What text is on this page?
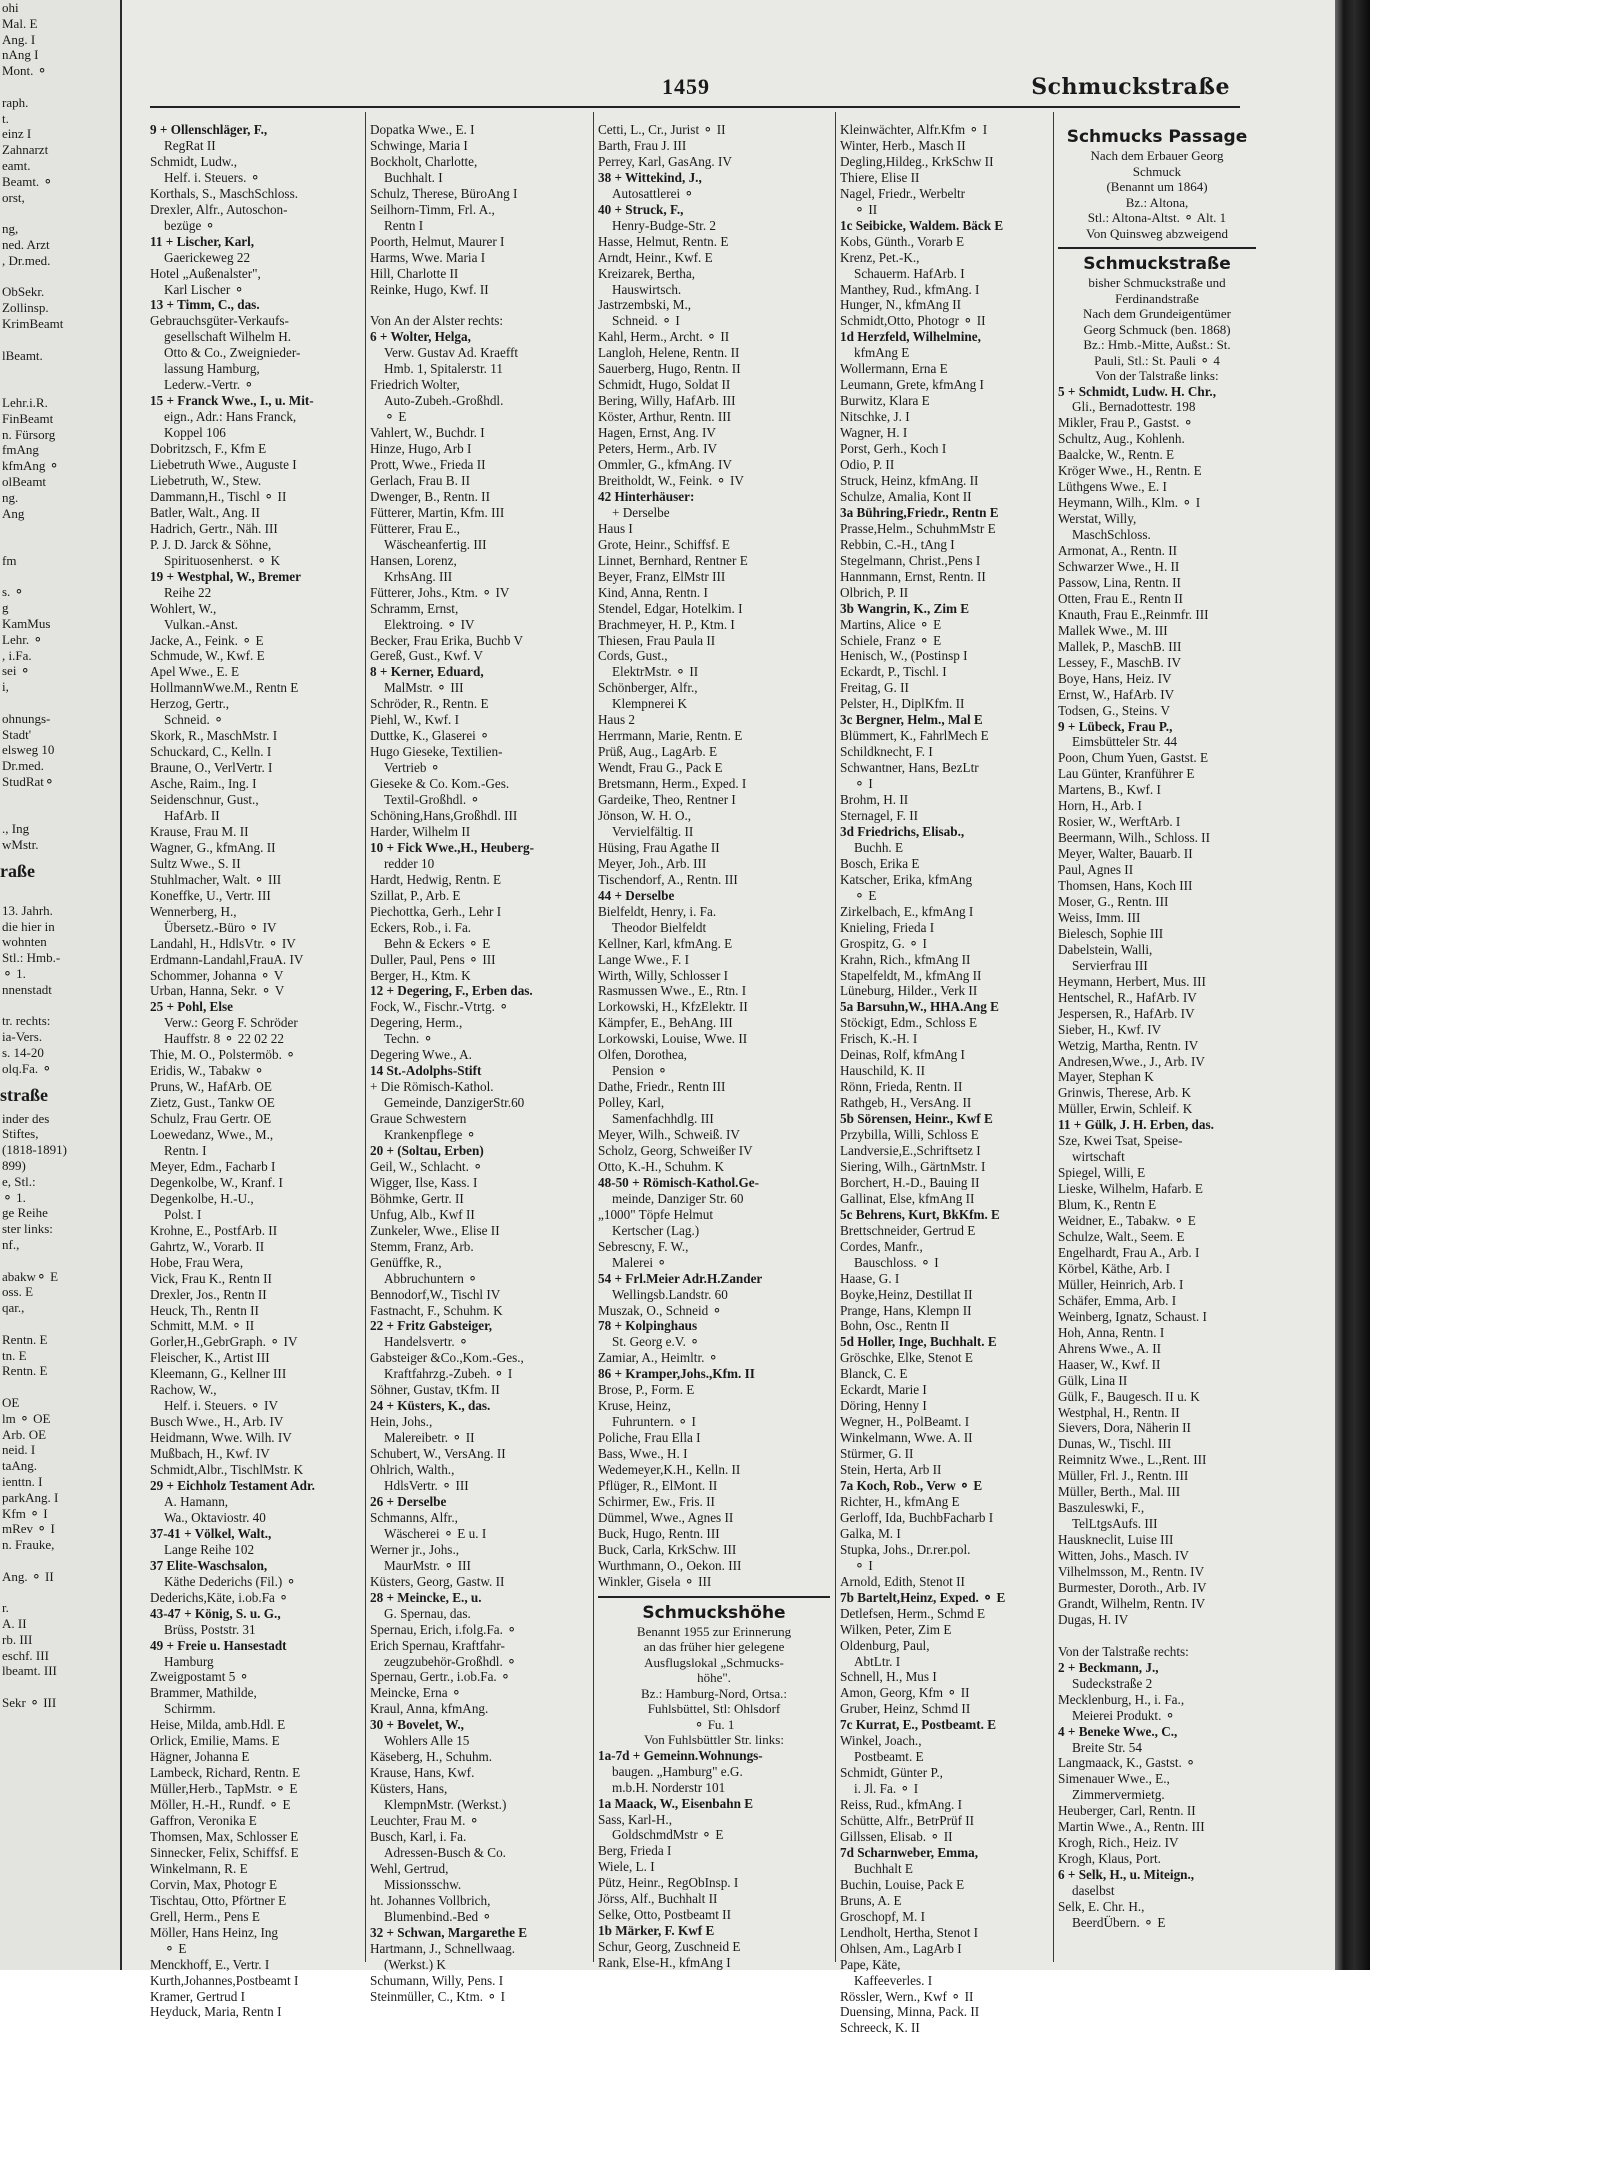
ohi
Mal. E
Ang. I
nAng I
Mont. ⚬

raph.
t.
einz I
Zahnarzt
eamt.
Beamt. ⚬
orst,

ng,
ned. Arzt
, Dr.med.

ObSekr.
Zollinsp.
KrimBeamt

lBeamt.

Lehr.i.R.
FinBeamt
n. Fürsorg
fmAng
kfmAng ⚬
olBeamt
ng.
Ang

fm

s. ⚬
g
KamMus
Lehr. ⚬
, i.Fa.
sei ⚬
i,

ohnungs-
Stadt'
elsweg 10
Dr.med.
StudRat⚬

., Ing
wMstr.
raße

13. Jahrh.
die hier in
wohnten
Stl.: Hmb.-
⚬ 1.
nnenstadt

tr. rechts:
ia-Vers.
s. 14-20
olq.Fa. ⚬
straße
inder des
Stiftes,
(1818-1891)
899)
e, Stl.:
⚬ 1.
ge Reihe
ster links:
nf.,

abakw⚬ E
oss. E
qar.,

Rentn. E
tn. E
Rentn. E

OE
lm ⚬ OE
Arb. OE
neid. I
taAng.
ienttn. I
parkAng. I
Kfm ⚬ I
mRev ⚬ I
n. Frauke,

Ang. ⚬ II

r.
A. II
rb. III
eschf. III
lbeamt. III

Sekr ⚬ III
1459	Schmuckstraße
9 + Ollenschläger, F.,
RegRat II
Schmidt, Ludw.,
Helf. i. Steuers. ⚬
Korthals, S., MaschSchloss.
Drexler, Alfr., Autoschon-
bezüge ⚬
11 + Lischer, Karl,
Gaerickeweg 22
Hotel „Außenalster",
Karl Lischer ⚬
13 + Timm, C., das.
Gebrauchsgüter-Verkaufs-
gesellschaft Wilhelm H.
Otto & Co., Zweignieder-
lassung Hamburg,
Lederw.-Vertr. ⚬
15 + Franck Wwe., I., u. Mit-
eign., Adr.: Hans Franck,
Koppel 106
Dobritzsch, F., Kfm E
Liebetruth Wwe., Auguste I
Liebetruth, W., Stew.
Dammann,H., Tischl ⚬ II
Batler, Walt., Ang. II
Hadrich, Gertr., Näh. III
P. J. D. Jarck & Söhne,
Spirituosenherst. ⚬ K
19 + Westphal, W., Bremer
Reihe 22
Wohlert, W.,
Vulkan.-Anst.
Jacke, A., Feink. ⚬ E
Schmude, W., Kwf. E
Apel Wwe., E. E
HollmannWwe.M., Rentn E
Herzog, Gertr.,
Schneid. ⚬
Skork, R., MaschMstr. I
Schuckard, C., Kelln. I
Braune, O., VerlVertr. I
Asche, Raim., Ing. I
Seidenschnur, Gust.,
HafArb. II
Krause, Frau M. II
Wagner, G., kfmAng. II
Sultz Wwe., S. II
Stuhlmacher, Walt. ⚬ III
Koneffke, U., Vertr. III
Wennerberg, H.,
Übersetz.-Büro ⚬ IV
Landahl, H., HdlsVtr. ⚬ IV
Erdmann-Landahl,FrauA. IV
Schommer, Johanna ⚬ V
Urban, Hanna, Sekr. ⚬ V
25 + Pohl, Else
Verw.: Georg F. Schröder
Hauffstr. 8 ⚬ 22 02 22
Thie, M. O., Polstermöb. ⚬
Eridis, W., Tabakw ⚬
Pruns, W., HafArb. OE
Zietz, Gust., Tankw OE
Schulz, Frau Gertr. OE
Loewedanz, Wwe., M.,
Rentn. I
Meyer, Edm., Facharb I
Degenkolbe, W., Kranf. I
Degenkolbe, H.-U.,
Polst. I
Krohne, E., PostfArb. II
Gahrtz, W., Vorarb. II
Hobe, Frau Wera,
Vick, Frau K., Rentn II
Drexler, Jos., Rentn II
Heuck, Th., Rentn II
Schmitt, M.M. ⚬ II
Gorler,H.,GebrGraph. ⚬ IV
Fleischer, K., Artist III
Kleemann, G., Kellner III
Rachow, W.,
Helf. i. Steuers. ⚬ IV
Busch Wwe., H., Arb. IV
Heidmann, Wwe. Wilh. IV
Mußbach, H., Kwf. IV
Schmidt,Albr., TischlMstr. K
29 + Eichholz Testament Adr.
A. Hamann,
Wa., Oktaviostr. 40
37-41 + Völkel, Walt.,
Lange Reihe 102
37 Elite-Waschsalon,
Käthe Dederichs (Fil.) ⚬
Dederichs,Käte, i.ob.Fa ⚬
43-47 + König, S. u. G.,
Brüss, Poststr. 31
49 + Freie u. Hansestadt
Hamburg
Zweigpostamt 5 ⚬
Brammer, Mathilde,
Schirmm.
Heise, Milda, amb.Hdl. E
Orlick, Emilie, Mams. E
Hägner, Johanna E
Lambeck, Richard, Rentn. E
Müller,Herb., TapMstr. ⚬ E
Möller, H.-H., Rundf. ⚬ E
Gaffron, Veronika E
Thomsen, Max, Schlosser E
Sinnecker, Felix, Schiffsf. E
Winkelmann, R. E
Corvin, Max, Photogr E
Tischtau, Otto, Pförtner E
Grell, Herm., Pens E
Möller, Hans Heinz, Ing
⚬ E
Menckhoff, E., Vertr. I
Kurth,Johannes,Postbeamt I
Kramer, Gertrud I
Heyduck, Maria, Rentn I
Dopatka Wwe., E. I
Schwinge, Maria I
Bockholt, Charlotte,
Buchhalt. I
Schulz, Therese, BüroAng I
Seilhorn-Timm, Frl. A.,
Rentn I
Poorth, Helmut, Maurer I
Harms, Wwe. Maria I
Hill, Charlotte II
Reinke, Hugo, Kwf. II

Von An der Alster rechts:
6 + Wolter, Helga,
Verw. Gustav Ad. Kraefft
Hmb. 1, Spitalerstr. 11
Friedrich Wolter,
Auto-Zubeh.-Großhdl.
⚬ E
Vahlert, W., Buchdr. I
Hinze, Hugo, Arb I
Prott, Wwe., Frieda II
Gerlach, Frau B. II
Dwenger, B., Rentn. II
Fütterer, Martin, Kfm. III
Fütterer, Frau E.,
Wäscheanfertig. III
Hansen, Lorenz,
KrhsAng. III
Fütterer, Johs., Ktm. ⚬ IV
Schramm, Ernst,
Elektroing. ⚬ IV
Becker, Frau Erika, Buchb V
Gereß, Gust., Kwf. V
8 + Kerner, Eduard,
MalMstr. ⚬ III
Schröder, R., Rentn. E
Piehl, W., Kwf. I
Duttke, K., Glaserei ⚬
Hugo Gieseke, Textilien-
Vertrieb ⚬
Gieseke & Co. Kom.-Ges.
Textil-Großhdl. ⚬
Schöning,Hans,Großhdl. III
Harder, Wilhelm II
10 + Fick Wwe.,H., Heuberg-
redder 10
Hardt, Hedwig, Rentn. E
Szillat, P., Arb. E
Piechottka, Gerh., Lehr I
Eckers, Rob., i. Fa.
Behn & Eckers ⚬ E
Duller, Paul, Pens ⚬ III
Berger, H., Ktm. K
12 + Degering, F., Erben das.
Fock, W., Fischr.-Vtrtg. ⚬
Degering, Herm.,
Techn. ⚬
Degering Wwe., A.
14 St.-Adolphs-Stift
+ Die Römisch-Kathol.
Gemeinde, DanzigerStr.60
Graue Schwestern
Krankenpflege ⚬
20 + (Soltau, Erben)
Geil, W., Schlacht. ⚬
Wigger, Ilse, Kass. I
Böhmke, Gertr. II
Unfug, Alb., Kwf II
Zunkeler, Wwe., Elise II
Stemm, Franz, Arb.
Genüffke, R.,
Abbruchuntern ⚬
Bennodorf,W., Tischl IV
Fastnacht, F., Schuhm. K
22 + Fritz Gabsteiger,
Handelsvertr. ⚬
Gabsteiger &Co.,Kom.-Ges.,
Kraftfahrzg.-Zubeh. ⚬ I
Söhner, Gustav, tKfm. II
24 + Küsters, K., das.
Hein, Johs.,
Malereibetr. ⚬ II
Schubert, W., VersAng. II
Ohlrich, Walth.,
HdlsVertr. ⚬ III
26 + Derselbe
Schmanns, Alfr.,
Wäscherei ⚬ E u. I
Werner jr., Johs.,
MaurMstr. ⚬ III
Küsters, Georg, Gastw. II
28 + Meincke, E., u.
G. Spernau, das.
Spernau, Erich, i.folg.Fa. ⚬
Erich Spernau, Kraftfahr-
zeugzubehör-Großhdl. ⚬
Spernau, Gertr., i.ob.Fa. ⚬
Meincke, Erna ⚬
Kraul, Anna, kfmAng.
30 + Bovelet, W.,
Wohlers Alle 15
Käseberg, H., Schuhm.
Krause, Hans, Kwf.
Küsters, Hans,
KlempnMstr. (Werkst.)
Leuchter, Frau M. ⚬
Busch, Karl, i. Fa.
Adressen-Busch & Co.
Wehl, Gertrud,
Missionsschw.
ht. Johannes Vollbrich,
Blumenbind.-Bed ⚬
32 + Schwan, Margarethe E
Hartmann, J., Schnellwaag.
(Werkst.) K
Schumann, Willy, Pens. I
Steinmüller, C., Ktm. ⚬ I
Cetti, L., Cr., Jurist ⚬ II
Barth, Frau J. III
Perrey, Karl, GasAng. IV
38 + Wittekind, J.,
Autosattlerei ⚬
40 + Struck, F.,
Henry-Budge-Str. 2
Hasse, Helmut, Rentn. E
Arndt, Heinr., Kwf. E
Kreizarek, Bertha,
Hauswirtsch.
Jastrzembski, M.,
Schneid. ⚬ I
Kahl, Herm., Archt. ⚬ II
Langloh, Helene, Rentn. II
Sauerberg, Hugo, Rentn. II
Schmidt, Hugo, Soldat II
Bering, Willy, HafArb. III
Köster, Arthur, Rentn. III
Hagen, Ernst, Ang. IV
Peters, Herm., Arb. IV
Ommler, G., kfmAng. IV
Breitholdt, W., Feink. ⚬ IV
42 Hinterhäuser:
+ Derselbe
Haus I
Grote, Heinr., Schiffsf. E
Linnet, Bernhard, Rentner E
Beyer, Franz, ElMstr III
Kind, Anna, Rentn. I
Stendel, Edgar, Hotelkim. I
Brachmeyer, H. P., Ktm. I
Thiesen, Frau Paula II
Cords, Gust.,
ElektrMstr. ⚬ II
Schönberger, Alfr.,
Klempnerei K
Haus 2
Herrmann, Marie, Rentn. E
Prüß, Aug., LagArb. E
Wendt, Frau G., Pack E
Bretsmann, Herm., Exped. I
Gardeike, Theo, Rentner I
Jönson, W. H. O.,
Vervielfältig. II
Hüsing, Frau Agathe II
Meyer, Joh., Arb. III
Tischendorf, A., Rentn. III
44 + Derselbe
Bielfeldt, Henry, i. Fa.
Theodor Bielfeldt
Kellner, Karl, kfmAng. E
Lange Wwe., F. I
Wirth, Willy, Schlosser I
Rasmussen Wwe., E., Rtn. I
Lorkowski, H., KfzElektr. II
Kämpfer, E., BehAng. III
Lorkowski, Louise, Wwe. II
Olfen, Dorothea,
Pension ⚬
Dathe, Friedr., Rentn III
Polley, Karl,
Samenfachhdlg. III
Meyer, Wilh., Schweiß. IV
Scholz, Georg, Schweißer IV
Otto, K.-H., Schuhm. K
48-50 + Römisch-Kathol.Ge-
meinde, Danziger Str. 60
„1000" Töpfe Helmut
Kertscher (Lag.)
Sebrescny, F. W.,
Malerei ⚬
54 + Frl.Meier Adr.H.Zander
Wellingsb.Landstr. 60
Muszak, O., Schneid ⚬
78 + Kolpinghaus
St. Georg e.V. ⚬
Zamiar, A., Heimltr. ⚬
86 + Kramper,Johs.,Kfm. II
Brose, P., Form. E
Kruse, Heinz,
Fuhruntern. ⚬ I
Poliche, Frau Ella I
Bass, Wwe., H. I
Wedemeyer,K.H., Kelln. II
Pflüger, R., ElMont. II
Schirmer, Ew., Fris. II
Dümmel, Wwe., Agnes II
Buck, Hugo, Rentn. III
Buck, Carla, KrkSchw. III
Wurthmann, O., Oekon. III
Winkler, Gisela ⚬ III
Schmuckshöhe
Benannt 1955 zur Erinnerung
an das früher hier gelegene
Ausflugslokal „Schmucks-
höhe".
Bz.: Hamburg-Nord, Ortsa.:
Fuhlsbüttel, Stl: Ohlsdorf
⚬ Fu. 1
Von Fuhlsbüttler Str. links:
1a-7d + Gemeinn.Wohnungs-
baugen. „Hamburg" e.G.
m.b.H. Norderstr 101
1a Maack, W., Eisenbahn E
Sass, Karl-H.,
GoldschmdMstr ⚬ E
Berg, Frieda I
Wiele, L. I
Pütz, Heinr., RegObInsp. I
Jörss, Alf., Buchhalt II
Selke, Otto, Postbeamt II
1b Märker, F. Kwf E
Schur, Georg, Zuschneid E
Rank, Else-H., kfmAng I
Kleinwächter, Alfr.Kfm ⚬ I
Winter, Herb., Masch II
Degling,Hildeg., KrkSchw II
Thiere, Elise II
Nagel, Friedr., Werbeltr
⚬ II
1c Seibicke, Waldem. Bäck E
Kobs, Günth., Vorarb E
Krenz, Pet.-K.,
Schauerm. HafArb. I
Manthey, Rud., kfmAng. I
Hunger, N., kfmAng II
Schmidt,Otto, Photogr ⚬ II
1d Herzfeld, Wilhelmine,
kfmAng E
Wollermann, Erna E
Leumann, Grete, kfmAng I
Burwitz, Klara E
Nitschke, J. I
Wagner, H. I
Porst, Gerh., Koch I
Odio, P. II
Struck, Heinz, kfmAng. II
Schulze, Amalia, Kont II
3a Bühring,Friedr., Rentn E
Prasse,Helm., SchuhmMstr E
Rebbin, C.-H., tAng I
Stegelmann, Christ.,Pens I
Hannmann, Ernst, Rentn. II
Olbrich, P. II
3b Wangrin, K., Zim E
Martins, Alice ⚬ E
Schiele, Franz ⚬ E
Henisch, W., (Postinsp I
Eckardt, P., Tischl. I
Freitag, G. II
Pelster, H., DiplKfm. II
3c Bergner, Helm., Mal E
Blümmert, K., FahrlMech E
Schildknecht, F. I
Schwantner, Hans, BezLtr
⚬ I
Brohm, H. II
Sternagel, F. II
3d Friedrichs, Elisab.,
Buchh. E
Bosch, Erika E
Katscher, Erika, kfmAng
⚬ E
Zirkelbach, E., kfmAng I
Knieling, Frieda I
Grospitz, G. ⚬ I
Krahn, Rich., kfmAng II
Stapelfeldt, M., kfmAng II
Lüneburg, Hilder., Verk II
5a Barsuhn,W., HHA.Ang E
Stöckigt, Edm., Schloss E
Frisch, K.-H. I
Deinas, Rolf, kfmAng I
Hauschild, K. II
Rönn, Frieda, Rentn. II
Rathgeb, H., VersAng. II
5b Sörensen, Heinr., Kwf E
Przybilla, Willi, Schloss E
Landversie,E.,Schriftsetz I
Siering, Wilh., GärtnMstr. I
Borchert, H.-D., Bauing II
Gallinat, Else, kfmAng II
5c Behrens, Kurt, BkKfm. E
Brettschneider, Gertrud E
Cordes, Manfr.,
Bauschloss. ⚬ I
Haase, G. I
Boyke,Heinz, Destillat II
Prange, Hans, Klempn II
Bohn, Osc., Rentn II
5d Holler, Inge, Buchhalt. E
Gröschke, Elke, Stenot E
Blanck, C. E
Eckardt, Marie I
Döring, Henny I
Wegner, H., PolBeamt. I
Winkelmann, Wwe. A. II
Stürmer, G. II
Stein, Herta, Arb II
7a Koch, Rob., Verw ⚬ E
Richter, H., kfmAng E
Gerloff, Ida, BuchbFacharb I
Galka, M. I
Stupka, Johs., Dr.rer.pol.
⚬ I
Arnold, Edith, Stenot II
7b Bartelt,Heinz, Exped. ⚬ E
Detlefsen, Herm., Schmd E
Wilken, Peter, Zim E
Oldenburg, Paul,
AbtLtr. I
Schnell, H., Mus I
Amon, Georg, Kfm ⚬ II
Gruber, Heinz, Schmd II
7c Kurrat, E., Postbeamt. E
Winkel, Joach.,
Postbeamt. E
Schmidt, Günter P.,
i. Jl. Fa. ⚬ I
Reiss, Rud., kfmAng. I
Schütte, Alfr., BetrPrüf II
Gillssen, Elisab. ⚬ II
7d Scharnweber, Emma,
Buchhalt E
Buchin, Louise, Pack E
Bruns, A. E
Groschopf, M. I
Lendholt, Hertha, Stenot I
Ohlsen, Am., LagArb I
Pape, Käte,
Kaffeeverles. I
Rössler, Wern., Kwf ⚬ II
Duensing, Minna, Pack. II
Schreeck, K. II
Schmucks Passage
Nach dem Erbauer Georg
Schmuck
(Benannt um 1864)
Bz.: Altona,
Stl.: Altona-Altst. ⚬ Alt. 1
Von Quinsweg abzweigend
Schmuckstraße
bisher Schmuckstraße und
Ferdinandstraße
Nach dem Grundeigentümer
Georg Schmuck (ben. 1868)
Bz.: Hmb.-Mitte, Außst.: St.
Pauli, Stl.: St. Pauli ⚬ 4
Von der Talstraße links:
5 + Schmidt, Ludw. H. Chr.,
Gli., Bernadottestr. 198
Mikler, Frau P., Gastst. ⚬
Schultz, Aug., Kohlenh.
Baalcke, W., Rentn. E
Kröger Wwe., H., Rentn. E
Lüthgens Wwe., E. I
Heymann, Wilh., Klm. ⚬ I
Werstat, Willy,
MaschSchloss.
Armonat, A., Rentn. II
Schwarzer Wwe., H. II
Passow, Lina, Rentn. II
Otten, Frau E., Rentn II
Knauth, Frau E.,Reinmfr. III
Mallek Wwe., M. III
Mallek, P., MaschB. III
Lessey, F., MaschB. IV
Boye, Hans, Heiz. IV
Ernst, W., HafArb. IV
Todsen, G., Steins. V
9 + Lübeck, Frau P.,
Eimsbütteler Str. 44
Poon, Chum Yuen, Gastst. E
Lau Günter, Kranführer E
Martens, B., Kwf. I
Horn, H., Arb. I
Rosier, W., WerftArb. I
Beermann, Wilh., Schloss. II
Meyer, Walter, Bauarb. II
Paul, Agnes II
Thomsen, Hans, Koch III
Moser, G., Rentn. III
Weiss, Imm. III
Bielesch, Sophie III
Dabelstein, Walli,
Servierfrau III
Heymann, Herbert, Mus. III
Hentschel, R., HafArb. IV
Jespersen, R., HafArb. IV
Sieber, H., Kwf. IV
Wetzig, Martha, Rentn. IV
Andresen,Wwe., J., Arb. IV
Mayer, Stephan K
Grinwis, Therese, Arb. K
Müller, Erwin, Schleif. K
11 + Gülk, J. H. Erben, das.
Sze, Kwei Tsat, Speise-
wirtschaft
Spiegel, Willi, E
Lieske, Wilhelm, Hafarb. E
Blum, K., Rentn E
Weidner, E., Tabakw. ⚬ E
Schulze, Walt., Seem. E
Engelhardt, Frau A., Arb. I
Körbel, Käthe, Arb. I
Müller, Heinrich, Arb. I
Schäfer, Emma, Arb. I
Weinberg, Ignatz, Schaust. I
Hoh, Anna, Rentn. I
Ahrens Wwe., A. II
Haaser, W., Kwf. II
Gülk, Lina II
Gülk, F., Baugesch. II u. K
Westphal, H., Rentn. II
Sievers, Dora, Näherin II
Dunas, W., Tischl. III
Reimnitz Wwe., L.,Rent. III
Müller, Frl. J., Rentn. III
Müller, Berth., Mal. III
Baszuleswki, F.,
TelLtgsAufs. III
Hauskneclit, Luise III
Witten, Johs., Masch. IV
Vilhelmsson, M., Rentn. IV
Burmester, Doroth., Arb. IV
Grandt, Wilhelm, Rentn. IV
Dugas, H. IV

Von der Talstraße rechts:
2 + Beckmann, J.,
Sudeckstraße 2
Mecklenburg, H., i. Fa.,
Meierei Produkt. ⚬
4 + Beneke Wwe., C.,
Breite Str. 54
Langmaack, K., Gastst. ⚬
Simenauer Wwe., E.,
Zimmervermietg.
Heuberger, Carl, Rentn. II
Martin Wwe., A., Rentn. III
Krogh, Rich., Heiz. IV
Krogh, Klaus, Port.
6 + Selk, H., u. Miteign.,
daselbst
Selk, E. Chr. H.,
BeerdÜbern. ⚬ E
